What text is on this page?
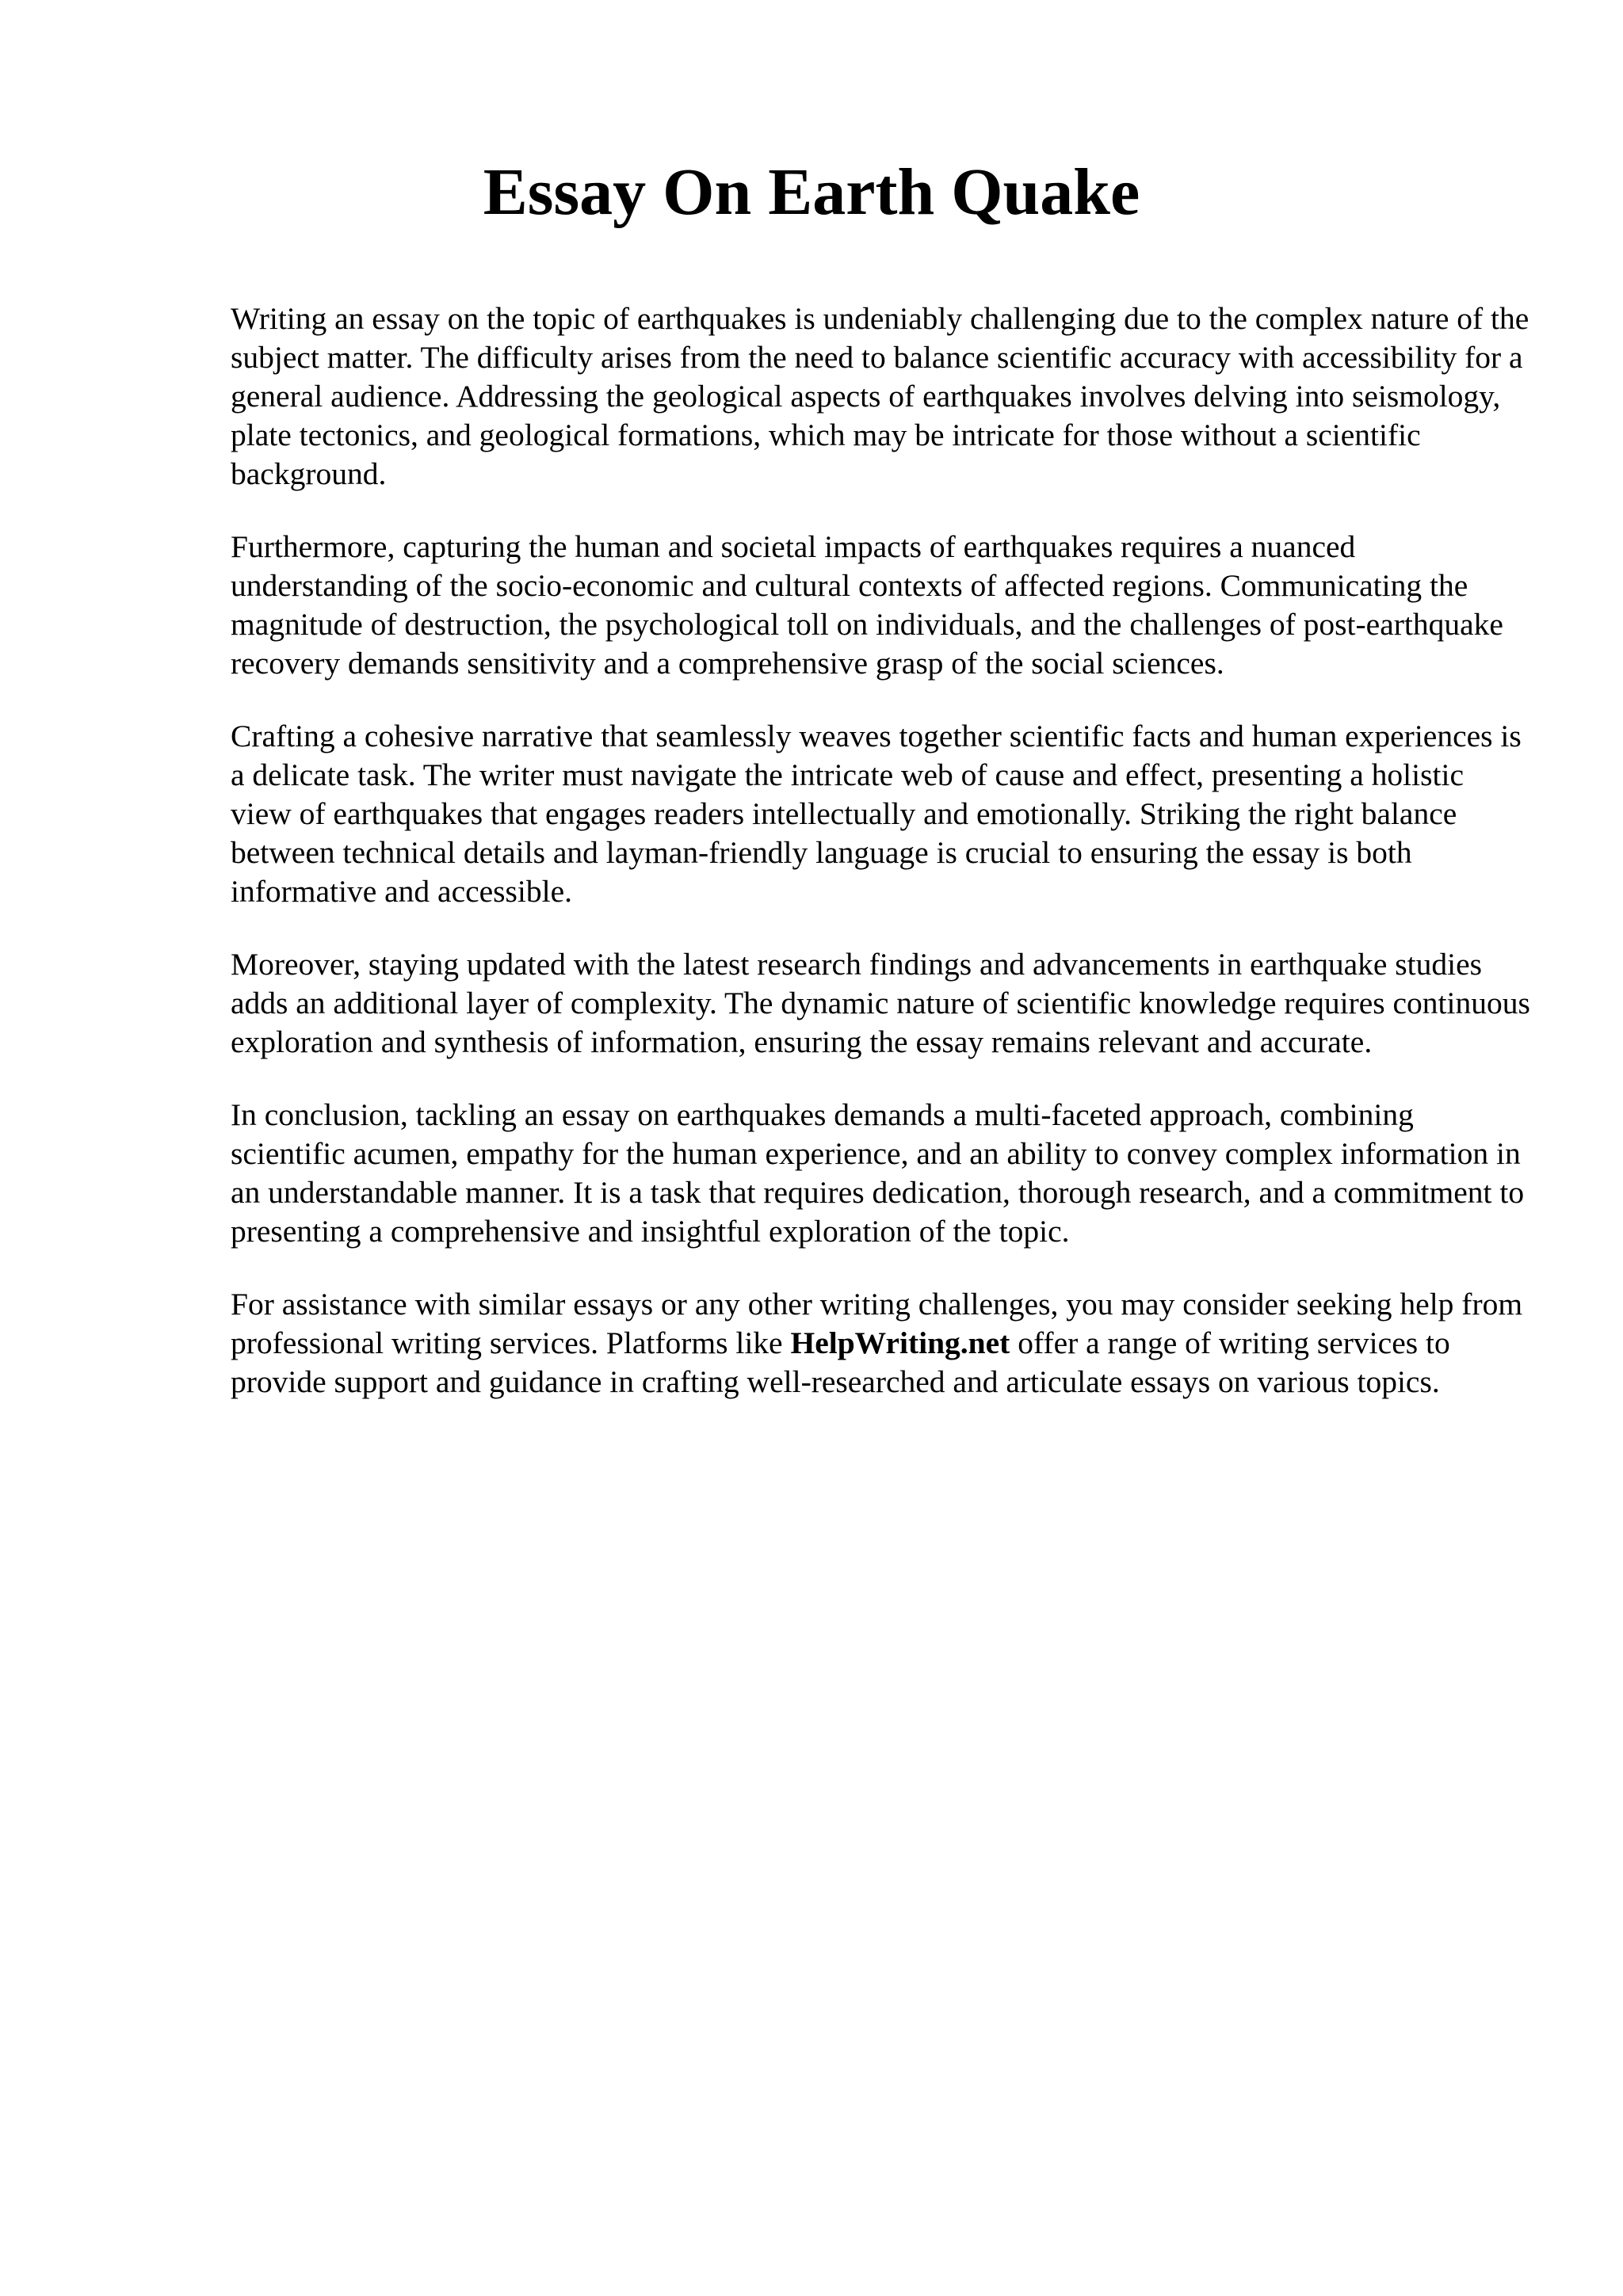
Essay On Earth Quake

Writing an essay on the topic of earthquakes is undeniably challenging due to the complex nature of the subject matter. The difficulty arises from the need to balance scientific accuracy with accessibility for a general audience. Addressing the geological aspects of earthquakes involves delving into seismology, plate tectonics, and geological formations, which may be intricate for those without a scientific background.

Furthermore, capturing the human and societal impacts of earthquakes requires a nuanced understanding of the socio-economic and cultural contexts of affected regions. Communicating the magnitude of destruction, the psychological toll on individuals, and the challenges of post-earthquake recovery demands sensitivity and a comprehensive grasp of the social sciences.

Crafting a cohesive narrative that seamlessly weaves together scientific facts and human experiences is a delicate task. The writer must navigate the intricate web of cause and effect, presenting a holistic view of earthquakes that engages readers intellectually and emotionally. Striking the right balance between technical details and layman-friendly language is crucial to ensuring the essay is both informative and accessible.

Moreover, staying updated with the latest research findings and advancements in earthquake studies adds an additional layer of complexity. The dynamic nature of scientific knowledge requires continuous exploration and synthesis of information, ensuring the essay remains relevant and accurate.

In conclusion, tackling an essay on earthquakes demands a multi-faceted approach, combining scientific acumen, empathy for the human experience, and an ability to convey complex information in an understandable manner. It is a task that requires dedication, thorough research, and a commitment to presenting a comprehensive and insightful exploration of the topic.

For assistance with similar essays or any other writing challenges, you may consider seeking help from professional writing services. Platforms like HelpWriting.net offer a range of writing services to provide support and guidance in crafting well-researched and articulate essays on various topics.
